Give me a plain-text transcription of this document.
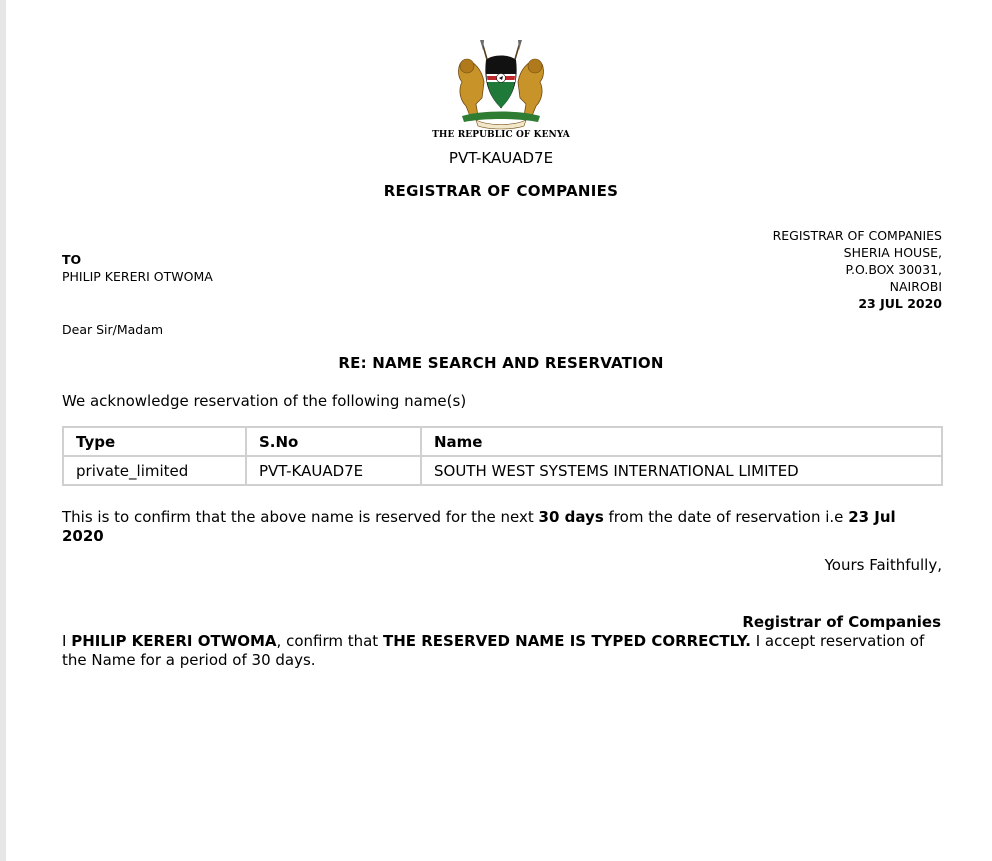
THE REPUBLIC OF KENYA
PVT-KAUAD7E
REGISTRAR OF COMPANIES
REGISTRAR OF COMPANIES
SHERIA HOUSE,
P.O.BOX 30031,
NAIROBI
23 JUL 2020
TO
PHILIP KERERI OTWOMA
Dear Sir/Madam
RE: NAME SEARCH AND RESERVATION
We acknowledge reservation of the following name(s)
Type	S.No	Name
private_limited	PVT-KAUAD7E	SOUTH WEST SYSTEMS INTERNATIONAL LIMITED
This is to confirm that the above name is reserved for the next 30 days from the date of reservation i.e 23 Jul 2020
Yours Faithfully,
Registrar of Companies
I PHILIP KERERI OTWOMA, confirm that THE RESERVED NAME IS TYPED CORRECTLY. I accept reservation of the Name for a period of 30 days.
